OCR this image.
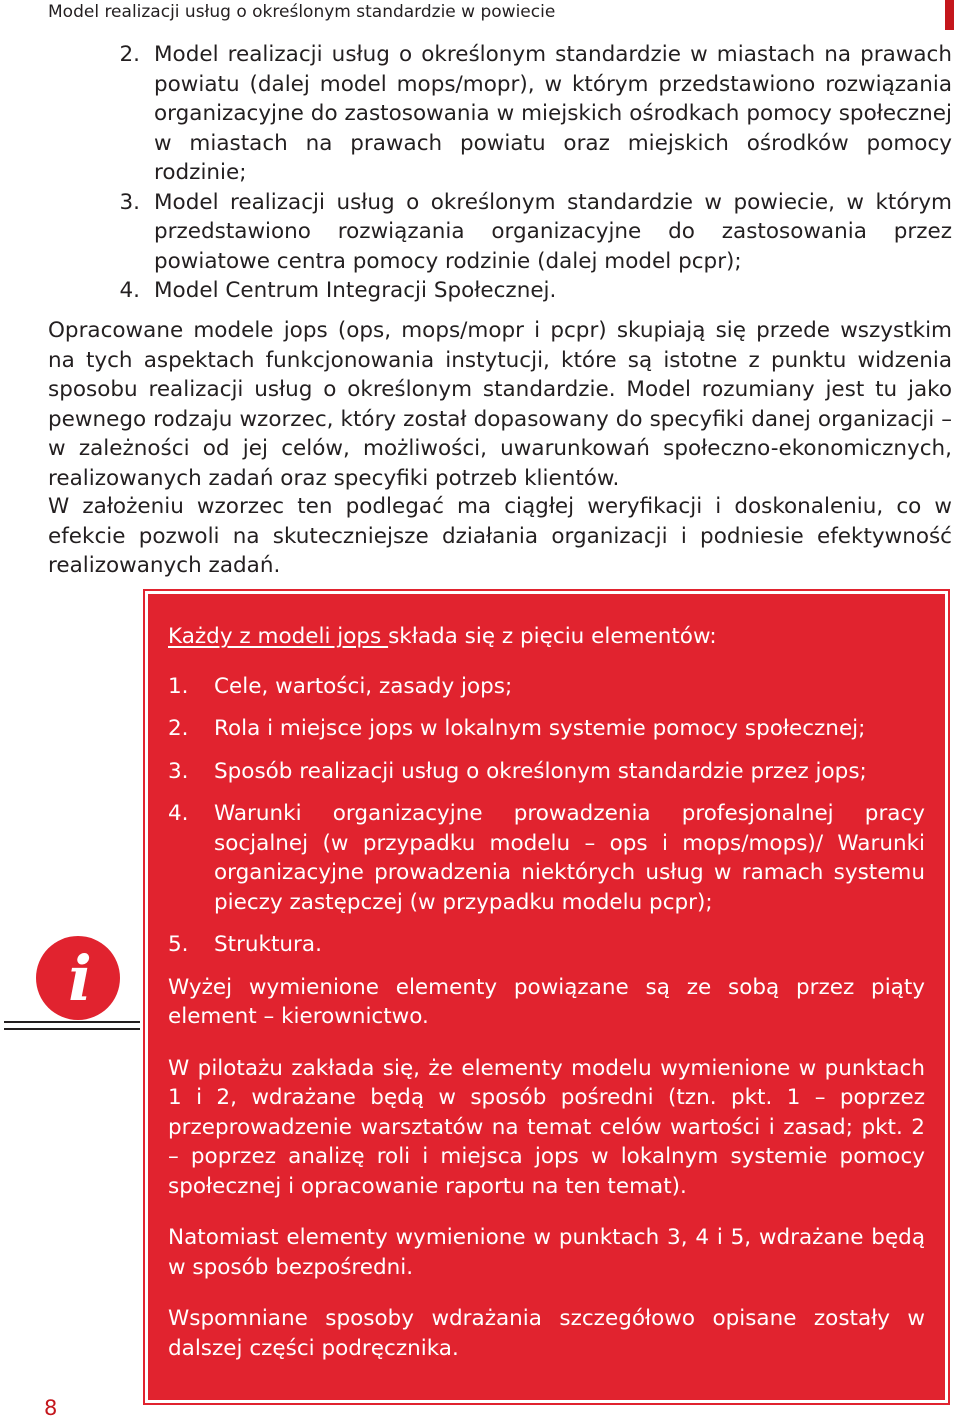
Model realizacji usług o określonym standardzie w powiecie
2. Model realizacji usług o określonym standardzie w miastach na prawach powiatu (dalej model mops/mopr), w którym przedstawiono rozwiązania organizacyjne do zastosowania w miejskich ośrodkach pomocy społecznej w miastach na prawach powiatu oraz miejskich ośrodków pomocy rodzinie;
3. Model realizacji usług o określonym standardzie w powiecie, w którym przedstawiono rozwiązania organizacyjne do zastosowania przez powiatowe centra pomocy rodzinie (dalej model pcpr);
4. Model Centrum Integracji Społecznej.
Opracowane modele jops (ops, mops/mopr i pcpr) skupiają się przede wszystkim na tych aspektach funkcjonowania instytucji, które są istotne z punktu widzenia sposobu realizacji usług o określonym standardzie. Model rozumiany jest tu jako pewnego rodzaju wzorzec, który został dopasowany do specyfiki danej organizacji – w zależności od jej celów, możliwości, uwarunkowań społeczno-ekonomicznych, realizowanych zadań oraz specyfiki potrzeb klientów.
W założeniu wzorzec ten podlegać ma ciągłej weryfikacji i doskonaleniu, co w efekcie pozwoli na skuteczniejsze działania organizacji i podniesie efektywność realizowanych zadań.
i

Każdy z modeli jops składa się z pięciu elementów:

1.	Cele, wartości, zasady jops;
2.	Rola i miejsce jops w lokalnym systemie pomocy społecznej;
3.	Sposób realizacji usług o określonym standardzie przez jops;
4.	Warunki organizacyjne prowadzenia profesjonalnej pracy socjalnej (w przypadku modelu – ops i mops/mops)/ Warunki organizacyjne prowadzenia niektórych usług w ramach systemu pieczy zastępczej (w przypadku modelu pcpr);
5.	Struktura.

Wyżej wymienione elementy powiązane są ze sobą przez piąty element – kierownictwo.

W pilotażu zakłada się, że elementy modelu wymienione w punktach 1 i 2, wdrażane będą w sposób pośredni (tzn. pkt. 1 – poprzez przeprowadzenie warsztatów na temat celów wartości i zasad; pkt. 2 – poprzez analizę roli i miejsca jops w lokalnym systemie pomocy społecznej i opracowanie raportu na ten temat).

Natomiast elementy wymienione w punktach 3, 4 i 5, wdrażane będą w sposób bezpośredni.

Wspomniane sposoby wdrażania szczegółowo opisane zostały w dalszej części podręcznika.

8
